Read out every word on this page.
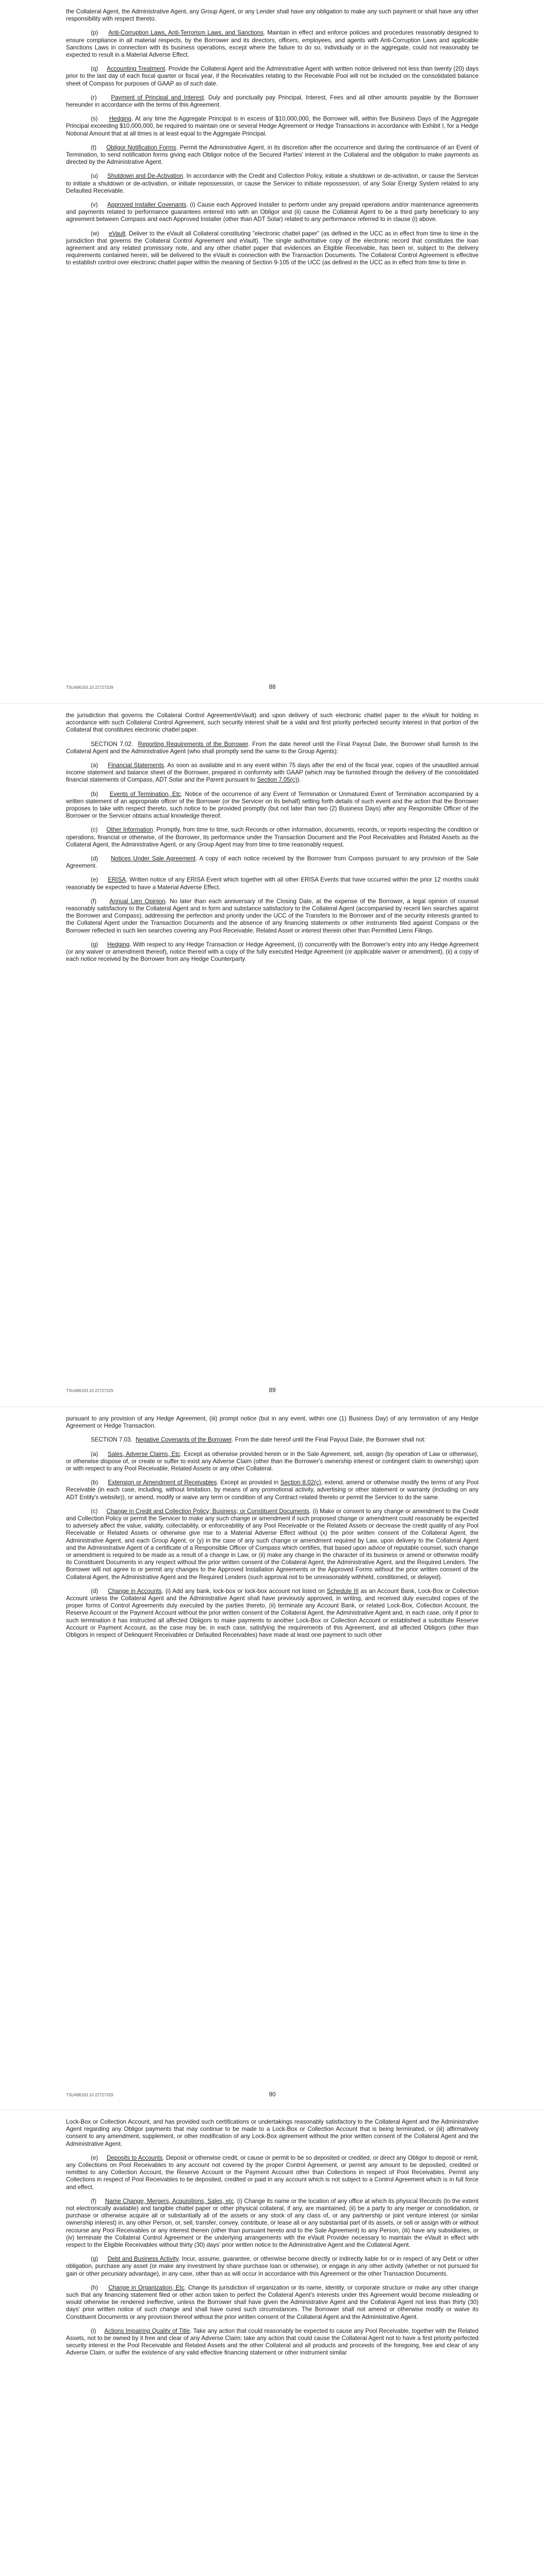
the Collateral Agent, the Administrative Agent, any Group Agent, or any Lender shall have any obligation to make any such payment or shall have any other responsibility with respect thereto.

(p)     Anti-Corruption Laws, Anti-Terrorism Laws, and Sanctions. Maintain in effect and enforce policies and procedures reasonably designed to ensure compliance in all material respects, by the Borrower and its directors, officers, employees, and agents with Anti-Corruption Laws and applicable Sanctions Laws in connection with its business operations, except where the failure to do so, individually or in the aggregate, could not reasonably be expected to result in a Material Adverse Effect.

(q)     Accounting Treatment. Provide the Collateral Agent and the Administrative Agent with written notice delivered not less than twenty (20) days prior to the last day of each fiscal quarter or fiscal year, if the Receivables relating to the Receivable Pool will not be included on the consolidated balance sheet of Compass for purposes of GAAP as of such date.

(r)     Payment of Principal and Interest. Duly and punctually pay Principal, Interest, Fees and all other amounts payable by the Borrower hereunder in accordance with the terms of this Agreement.

(s)     Hedging. At any time the Aggregate Principal is in excess of $10,000,000, the Borrower will, within five Business Days of the Aggregate Principal exceeding $10,000,000, be required to maintain one or several Hedge Agreement or Hedge Transactions in accordance with Exhibit I, for a Hedge Notional Amount that at all times is at least equal to the Aggregate Principal.

(t)     Obligor Notification Forms. Permit the Administrative Agent, in its discretion after the occurrence and during the continuance of an Event of Termination, to send notification forms giving each Obligor notice of the Secured Parties' interest in the Collateral and the obligation to make payments as directed by the Administrative Agent.

(u)     Shutdown and De-Activation. In accordance with the Credit and Collection Policy, initiate a shutdown or de-activation, or cause the Servicer to initiate a shutdown or de-activation, or initiate repossession, or cause the Servicer to initiate repossession, of any Solar Energy System related to any Defaulted Receivable.

(v)     Approved Installer Covenants. (i) Cause each Approved Installer to perform under any prepaid operations and/or maintenance agreements and payments related to performance guarantees entered into with an Obligor and (ii) cause the Collateral Agent to be a third party beneficiary to any agreement between Compass and each Approved Installer (other than ADT Solar) related to any performance referred to in clause (i) above.

(w)     eVault. Deliver to the eVault all Collateral constituting "electronic chattel paper" (as defined in the UCC as in effect from time to time in the jurisdiction that governs the Collateral Control Agreement and eVault). The single authoritative copy of the electronic record that constitutes the loan agreement and any related promissory note, and any other chattel paper that evidences an Eligible Receivable, has been or, subject to the delivery requirements contained herein, will be delivered to the eVault in connection with the Transaction Documents. The Collateral Control Agreement is effective to establish control over electronic chattel paper within the meaning of Section 9-105 of the UCC (as defined in the UCC as in effect from time to time in

TSU496193.10 22727329	88

the jurisdiction that governs the Collateral Control Agreement/eVault) and upon delivery of such electronic chattel paper to the eVault for holding in accordance with such Collateral Control Agreement, such security interest shall be a valid and first priority perfected security interest in that portion of the Collateral that constitutes electronic chattel paper.

SECTION 7.02.  Reporting Requirements of the Borrower. From the date hereof until the Final Payout Date, the Borrower shall furnish to the Collateral Agent and the Administrative Agent (who shall promptly send the same to the Group Agents):

(a)     Financial Statements. As soon as available and in any event within 75 days after the end of the fiscal year, copies of the unaudited annual income statement and balance sheet of the Borrower, prepared in conformity with GAAP (which may be furnished through the delivery of the consolidated financial statements of Compass, ADT Solar and the Parent pursuant to Section 7.05(c)).

(b)     Events of Termination, Etc. Notice of the occurrence of any Event of Termination or Unmatured Event of Termination accompanied by a written statement of an appropriate officer of the Borrower (or the Servicer on its behalf) setting forth details of such event and the action that the Borrower proposes to take with respect thereto, such notice to be provided promptly (but not later than two (2) Business Days) after any Responsible Officer of the Borrower or the Servicer obtains actual knowledge thereof.

(c)     Other Information. Promptly, from time to time, such Records or other information, documents, records, or reports respecting the condition or operations, financial or otherwise, of the Borrower, its performance under the Transaction Document and the Pool Receivables and Related Assets as the Collateral Agent, the Administrative Agent, or any Group Agent may from time to time reasonably request.

(d)     Notices Under Sale Agreement. A copy of each notice received by the Borrower from Compass pursuant to any provision of the Sale Agreement.

(e)     ERISA. Written notice of any ERISA Event which together with all other ERISA Events that have occurred within the prior 12 months could reasonably be expected to have a Material Adverse Effect.

(f)     Annual Lien Opinion. No later than each anniversary of the Closing Date, at the expense of the Borrower, a legal opinion of counsel reasonably satisfactory to the Collateral Agent and in form and substance satisfactory to the Collateral Agent (accompanied by recent lien searches against the Borrower and Compass), addressing the perfection and priority under the UCC of the Transfers to the Borrower and of the security interests granted to the Collateral Agent under the Transaction Documents and the absence of any financing statements or other instruments filed against Compass or the Borrower reflected in such lien searches covering any Pool Receivable, Related Asset or interest therein other than Permitted Liens Filings.

(g)     Hedging. With respect to any Hedge Transaction or Hedge Agreement, (i) concurrently with the Borrower's entry into any Hedge Agreement (or any waiver or amendment thereof), notice thereof with a copy of the fully executed Hedge Agreement (or applicable waiver or amendment), (ii) a copy of each notice received by the Borrower from any Hedge Counterparty

TSU496193.10 22727329	89

pursuant to any provision of any Hedge Agreement, (iii) prompt notice (but in any event, within one (1) Business Day) of any termination of any Hedge Agreement or Hedge Transaction.

SECTION 7.03.  Negative Covenants of the Borrower. From the date hereof until the Final Payout Date, the Borrower shall not:

(a)     Sales, Adverse Claims, Etc. Except as otherwise provided herein or in the Sale Agreement, sell, assign (by operation of Law or otherwise), or otherwise dispose of, or create or suffer to exist any Adverse Claim (other than the Borrower's ownership interest or contingent claim to ownership) upon or with respect to any Pool Receivable, Related Assets or any other Collateral.

(b)     Extension or Amendment of Receivables. Except as provided in Section 8.02(c), extend, amend or otherwise modify the terms of any Pool Receivable (in each case, including, without limitation, by means of any promotional activity, advertising or other statement or warranty (including on any ADT Entity's website)), or amend, modify or waive any term or condition of any Contract related thereto or permit the Servicer to do the same.

(c)     Change in Credit and Collection Policy; Business; or Constituent Documents. (i) Make or consent to any change or amendment to the Credit and Collection Policy or permit the Servicer to make any such change or amendment if such proposed change or amendment could reasonably be expected to adversely affect the value, validity, collectability, or enforceability of any Pool Receivable or the Related Assets or decrease the credit quality of any Pool Receivable or Related Assets or otherwise give rise to a Material Adverse Effect without (x) the prior written consent of the Collateral Agent, the Administrative Agent, and each Group Agent, or (y) in the case of any such change or amendment required by Law, upon delivery to the Collateral Agent and the Administrative Agent of a certificate of a Responsible Officer of Compass which certifies, that based upon advice of reputable counsel, such change or amendment is required to be made as a result of a change in Law, or (ii) make any change in the character of its business or amend or otherwise modify its Constituent Documents in any respect without the prior written consent of the Collateral Agent, the Administrative Agent, and the Required Lenders. The Borrower will not agree to or permit any changes to the Approved Installation Agreements or the Approved Forms without the prior written consent of the Collateral Agent, the Administrative Agent and the Required Lenders (such approval not to be unreasonably withheld, conditioned, or delayed).

(d)     Change in Accounts. (i) Add any bank, lock-box or lock-box account not listed on Schedule III as an Account Bank, Lock-Box or Collection Account unless the Collateral Agent and the Administrative Agent shall have previously approved, in writing, and received duly executed copies of the proper forms of Control Agreements duly executed by the parties thereto, (ii) terminate any Account Bank, or related Lock-Box, Collection Account, the Reserve Account or the Payment Account without the prior written consent of the Collateral Agent, the Administrative Agent and, in each case, only if prior to such termination it has instructed all affected Obligors to make payments to another Lock-Box or Collection Account or established a substitute Reserve Account or Payment Account, as the case may be, in each case, satisfying the requirements of this Agreement, and all affected Obligors (other than Obligors in respect of Delinquent Receivables or Defaulted Receivables) have made at least one payment to such other

TSU496193.10 22727329	90

Lock-Box or Collection Account, and has provided such certifications or undertakings reasonably satisfactory to the Collateral Agent and the Administrative Agent regarding any Obligor payments that may continue to be made to a Lock-Box or Collection Account that is being terminated, or (iii) affirmatively consent to any amendment, supplement, or other modification of any Lock-Box agreement without the prior written consent of the Collateral Agent and the Administrative Agent.

(e)     Deposits to Accounts. Deposit or otherwise credit, or cause or permit to be so deposited or credited, or direct any Obligor to deposit or remit, any Collections on Pool Receivables to any account not covered by the proper Control Agreement, or permit any amount to be deposited, credited or remitted to any Collection Account, the Reserve Account or the Payment Account other than Collections in respect of Pool Receivables. Permit any Collections in respect of Pool Receivables to be deposited, credited or paid in any account which is not subject to a Control Agreement which is in full force and effect.

(f)     Name Change, Mergers, Acquisitions, Sales, etc. (i) Change its name or the location of any office at which its physical Records (to the extent not electronically available) and tangible chattel paper or other physical collateral, if any, are maintained, (ii) be a party to any merger or consolidation, or purchase or otherwise acquire all or substantially all of the assets or any stock of any class of, or any partnership or joint venture interest (or similar ownership interest) in, any other Person, or, sell, transfer, convey, contribute, or lease all or any substantial part of its assets, or sell or assign with or without recourse any Pool Receivables or any interest therein (other than pursuant hereto and to the Sale Agreement) to any Person, (iii) have any subsidiaries, or (iv) terminate the Collateral Control Agreement or the underlying arrangements with the eVault Provider necessary to maintain the eVault in effect with respect to the Eligible Receivables without thirty (30) days’ prior written notice to the Administrative Agent and the Collateral Agent.

(g)     Debt and Business Activity. Incur, assume, guarantee, or otherwise become directly or indirectly liable for or in respect of any Debt or other obligation, purchase any asset (or make any investment by share purchase loan or otherwise), or engage in any other activity (whether or not pursued for gain or other pecuniary advantage), in any case, other than as will occur in accordance with this Agreement or the other Transaction Documents.

(h)     Change in Organization, Etc. Change its jurisdiction of organization or its name, identity, or corporate structure or make any other change such that any financing statement filed or other action taken to perfect the Collateral Agent's interests under this Agreement would become misleading or would otherwise be rendered ineffective, unless the Borrower shall have given the Administrative Agent and the Collateral Agent not less than thirty (30) days’ prior written notice of such change and shall have cured such circumstances. The Borrower shall not amend or otherwise modify or waive its Constituent Documents or any provision thereof without the prior written consent of the Collateral Agent and the Administrative Agent.

(i)     Actions Impairing Quality of Title. Take any action that could reasonably be expected to cause any Pool Receivable, together with the Related Assets, not to be owned by it free and clear of any Adverse Claim; take any action that could cause the Collateral Agent not to have a first priority perfected security interest in the Pool Receivable and Related Assets and the other Collateral and all products and proceeds of the foregoing, free and clear of any Adverse Claim, or suffer the existence of any valid effective financing statement or other instrument similar
